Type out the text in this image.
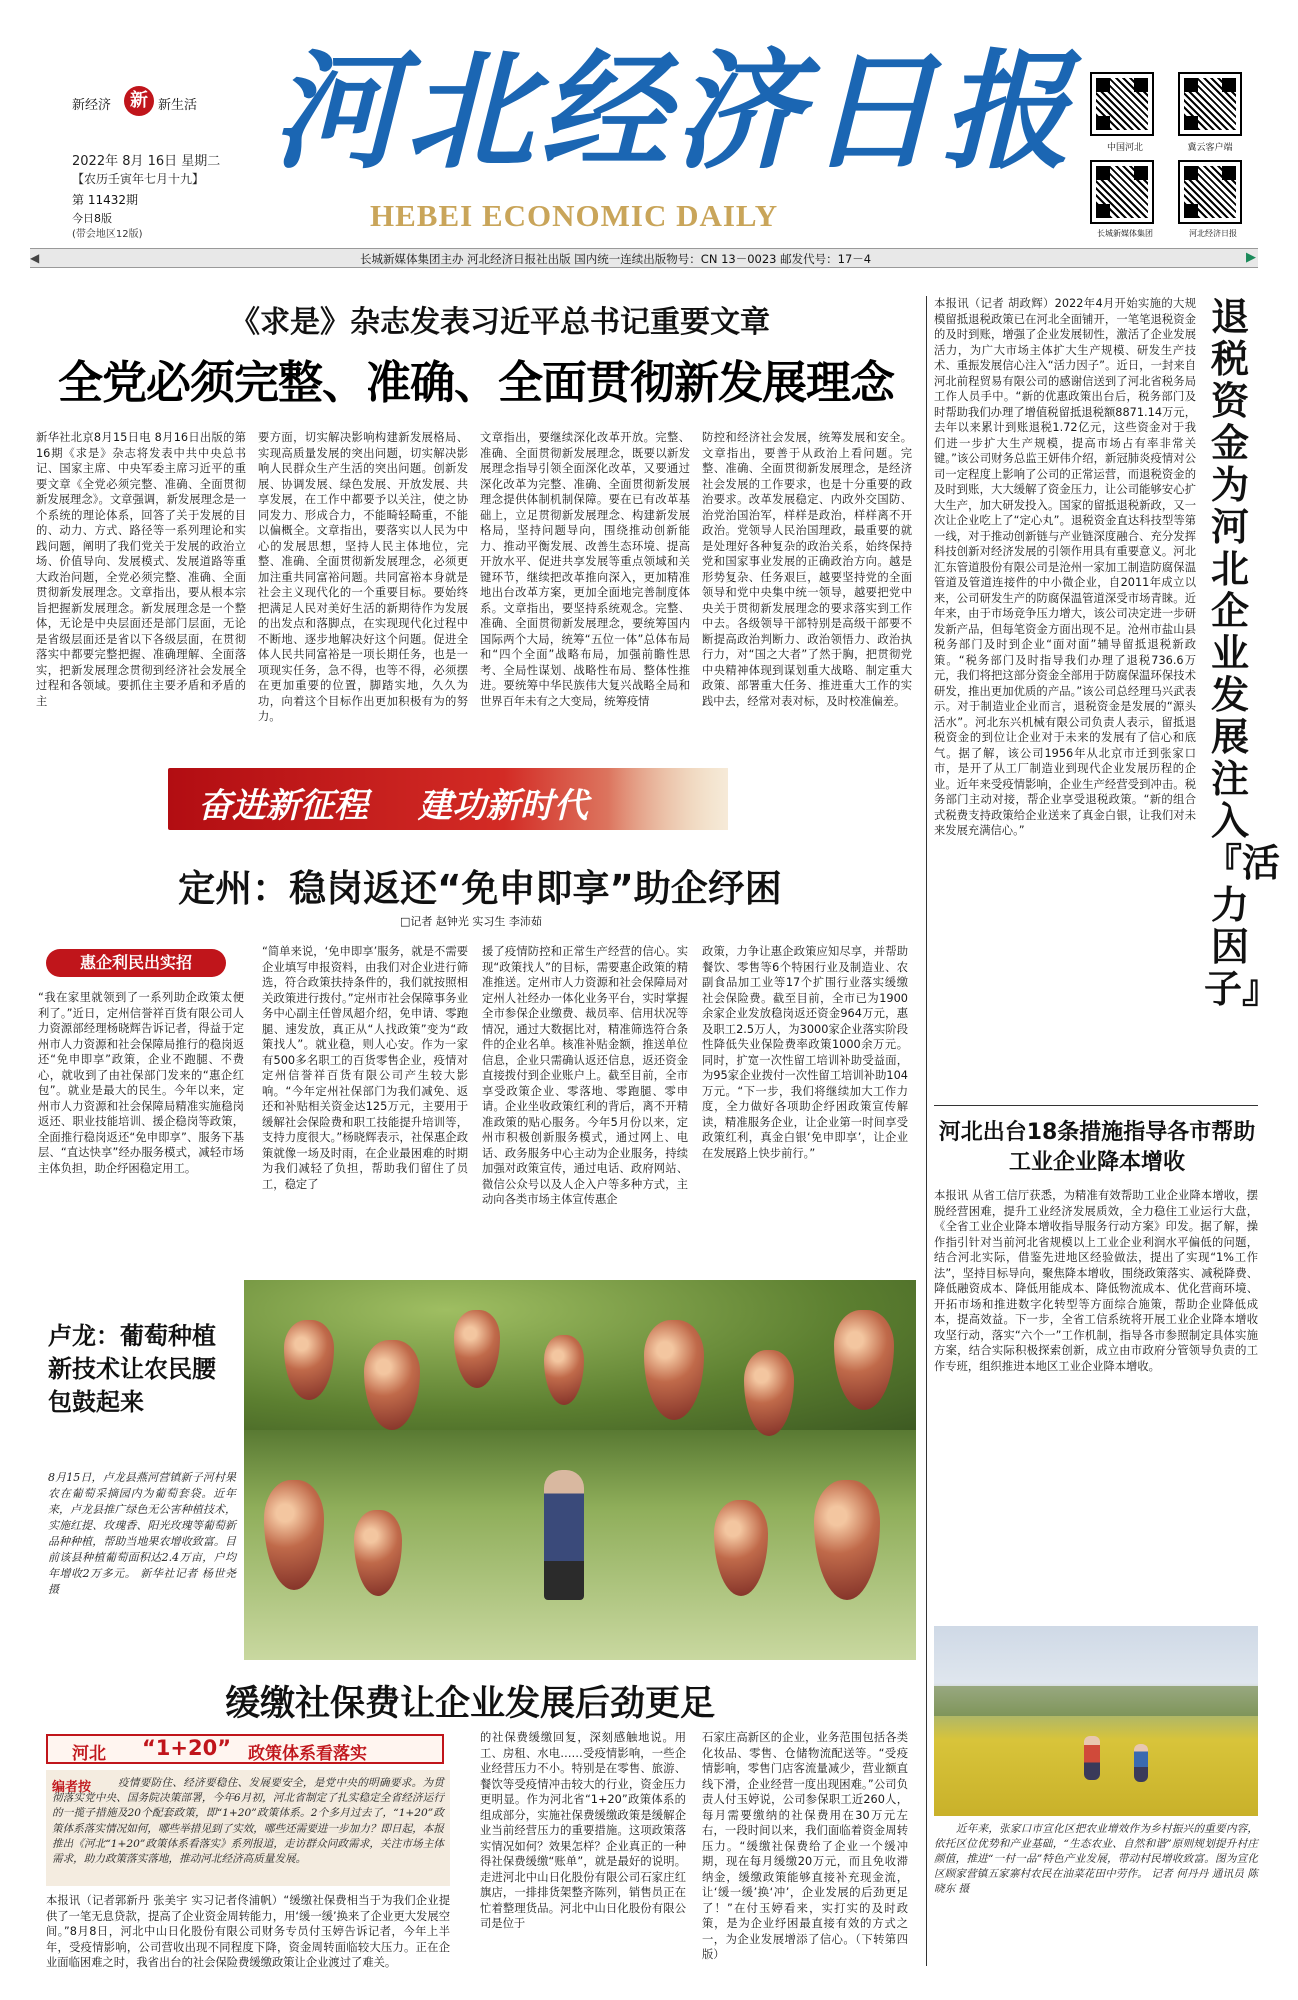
新经济	新 新生活
2022年 8月 16日 星期二
【农历壬寅年七月十九】
第 11432期
今日8版
(带会地区12版)
河北经济日报
HEBEI ECONOMIC DAILY
中国河北	冀云客户端
长城新媒体集团	河北经济日报
◀	长城新媒体集团主办 河北经济日报社出版 国内统一连续出版物号：CN 13－0023 邮发代号：17－4	▶
《求是》杂志发表习近平总书记重要文章
全党必须完整、准确、全面贯彻新发展理念
新华社北京8月15日电 8月16日出版的第16期《求是》杂志将发表中共中央总书记、国家主席、中央军委主席习近平的重要文章《全党必须完整、准确、全面贯彻新发展理念》。文章强调，新发展理念是一个系统的理论体系，回答了关于发展的目的、动力、方式、路径等一系列理论和实践问题，阐明了我们党关于发展的政治立场、价值导向、发展模式、发展道路等重大政治问题，全党必须完整、准确、全面贯彻新发展理念。文章指出，要从根本宗旨把握新发展理念。新发展理念是一个整体，无论是中央层面还是部门层面，无论是省级层面还是省以下各级层面，在贯彻落实中都要完整把握、准确理解、全面落实，把新发展理念贯彻到经济社会发展全过程和各领域。要抓住主要矛盾和矛盾的主
要方面，切实解决影响构建新发展格局、实现高质量发展的突出问题，切实解决影响人民群众生产生活的突出问题。创新发展、协调发展、绿色发展、开放发展、共享发展，在工作中都要予以关注，使之协同发力、形成合力，不能畸轻畸重，不能以偏概全。文章指出，要落实以人民为中心的发展思想，坚持人民主体地位，完整、准确、全面贯彻新发展理念，必须更加注重共同富裕问题。共同富裕本身就是社会主义现代化的一个重要目标。要始终把满足人民对美好生活的新期待作为发展的出发点和落脚点，在实现现代化过程中不断地、逐步地解决好这个问题。促进全体人民共同富裕是一项长期任务，也是一项现实任务，急不得，也等不得，必须摆在更加重要的位置，脚踏实地，久久为功，向着这个目标作出更加积极有为的努力。
文章指出，要继续深化改革开放。完整、准确、全面贯彻新发展理念，既要以新发展理念指导引领全面深化改革，又要通过深化改革为完整、准确、全面贯彻新发展理念提供体制机制保障。要在已有改革基础上，立足贯彻新发展理念、构建新发展格局，坚持问题导向，围绕推动创新能力、推动平衡发展、改善生态环境、提高开放水平、促进共享发展等重点领域和关键环节，继续把改革推向深入，更加精准地出台改革方案，更加全面地完善制度体系。文章指出，要坚持系统观念。完整、准确、全面贯彻新发展理念，要统筹国内国际两个大局，统筹“五位一体”总体布局和“四个全面”战略布局，加强前瞻性思考、全局性谋划、战略性布局、整体性推进。要统筹中华民族伟大复兴战略全局和世界百年未有之大变局，统筹疫情
防控和经济社会发展，统筹发展和安全。文章指出，要善于从政治上看问题。完整、准确、全面贯彻新发展理念，是经济社会发展的工作要求，也是十分重要的政治要求。改革发展稳定、内政外交国防、治党治国治军，样样是政治，样样离不开政治。党领导人民治国理政，最重要的就是处理好各种复杂的政治关系，始终保持党和国家事业发展的正确政治方向。越是形势复杂、任务艰巨，越要坚持党的全面领导和党中央集中统一领导，越要把党中央关于贯彻新发展理念的要求落实到工作中去。各级领导干部特别是高级干部要不断提高政治判断力、政治领悟力、政治执行力，对“国之大者”了然于胸，把贯彻党中央精神体现到谋划重大战略、制定重大政策、部署重大任务、推进重大工作的实践中去，经常对表对标，及时校准偏差。
奋进新征程 建功新时代
定州：稳岗返还“免申即享”助企纾困
□记者 赵钟光 实习生 李沛茹
惠企利民出实招
“我在家里就领到了一系列助企政策太便利了。”近日，定州信誉祥百货有限公司人力资源部经理杨晓辉告诉记者，得益于定州市人力资源和社会保障局推行的稳岗返还“免申即享”政策，企业不跑腿、不费心，就收到了由社保部门发来的“惠企红包”。就业是最大的民生。今年以来，定州市人力资源和社会保障局精准实施稳岗返还、职业技能培训、援企稳岗等政策，全面推行稳岗返还“免申即享”、服务下基层、“直达快享”经办服务模式，减轻市场主体负担，助企纾困稳定用工。
“简单来说，‘免申即享’服务，就是不需要企业填写申报资料，由我们对企业进行筛选，符合政策扶持条件的，我们就按照相关政策进行拨付。”定州市社会保障事务业务中心副主任曾凤超介绍，免申请、零跑腿、速发放，真正从“人找政策”变为“政策找人”。就业稳，则人心安。作为一家有500多名职工的百货零售企业，疫情对定州信誉祥百货有限公司产生较大影响。“今年定州社保部门为我们减免、返还和补贴相关资金达125万元，主要用于缓解社会保险费和职工技能提升培训等，支持力度很大。”杨晓辉表示，社保惠企政策就像一场及时雨，在企业最困难的时期为我们减轻了负担，帮助我们留住了员工，稳定了
援了疫情防控和正常生产经营的信心。实现“政策找人”的目标，需要惠企政策的精准推送。定州市人力资源和社会保障局对定州人社经办一体化业务平台，实时掌握全市参保企业缴费、裁员率、信用状况等情况，通过大数据比对，精准筛选符合条件的企业名单。核准补贴金额，推送单位信息，企业只需确认返还信息，返还资金直接拨付到企业账户上。截至目前，全市享受政策企业、零落地、零跑腿、零申请。企业坐收政策红利的背后，离不开精准政策的贴心服务。今年5月份以来，定州市积极创新服务模式，通过网上、电话、政务服务中心主动为企业服务，持续加强对政策宣传，通过电话、政府网站、微信公众号以及人企入户等多种方式，主动向各类市场主体宣传惠企
政策，力争让惠企政策应知尽享，并帮助餐饮、零售等6个特困行业及制造业、农副食品加工业等17个扩围行业落实缓缴社会保险费。截至目前，全市已为1900余家企业发放稳岗返还资金964万元，惠及职工2.5万人，为3000家企业落实阶段性降低失业保险费率政策1000余万元。同时，扩宽一次性留工培训补助受益面，为95家企业拨付一次性留工培训补助104万元。“下一步，我们将继续加大工作力度，全力做好各项助企纾困政策宣传解读，精准服务企业，让企业第一时间享受政策红利，真金白银‘免申即享’，让企业在发展路上快步前行。”
卢龙：葡萄种植新技术让农民腰包鼓起来
8月15日，卢龙县燕河营镇新子河村果农在葡萄采摘园内为葡萄套袋。近年来，卢龙县推广绿色无公害种植技术，实施红提、玫瑰香、阳光玫瑰等葡萄新品种种植，帮助当地果农增收致富。目前该县种植葡萄面积达2.4万亩，户均年增收2万多元。 新华社记者 杨世尧 摄
缓缴社保费让企业发展后劲更足
河北 “1+20” 政策体系看落实
编者按	疫情要防住、经济要稳住、发展要安全，是党中央的明确要求。为贯彻落实党中央、国务院决策部署，今年6月初，河北省制定了扎实稳定全省经济运行的一揽子措施及20个配套政策，即“1+20”政策体系。2个多月过去了，“1+20”政策体系落实情况如何，哪些举措见到了实效，哪些还需要进一步加力？即日起，本报推出《河北“1+20”政策体系看落实》系列报道，走访群众问政需求，关注市场主体需求，助力政策落实落地，推动河北经济高质量发展。
本报讯（记者郭新丹 张美宇 实习记者佟浦帆）“缓缴社保费相当于为我们企业提供了一笔无息贷款，提高了企业资金周转能力，用‘缓一缓’换来了企业更大发展空间。”8月8日，河北中山日化股份有限公司财务专员付玉婷告诉记者，今年上半年，受疫情影响，公司营收出现不同程度下降，资金周转面临较大压力。正在企业面临困难之时，我省出台的社会保险费缓缴政策让企业渡过了难关。
的社保费缓缴回复，深刻感触地说。用工、房租、水电……受疫情影响，一些企业经营压力不小。特别是在零售、旅游、餐饮等受疫情冲击较大的行业，资金压力更明显。作为河北省“1+20”政策体系的组成部分，实施社保费缓缴政策是缓解企业当前经营压力的重要措施。这项政策落实情况如何？效果怎样？企业真正的一种得社保费缓缴“账单”，就是最好的说明。走进河北中山日化股份有限公司石家庄红旗店，一排排货架整齐陈列，销售员正在忙着整理货品。河北中山日化股份有限公司是位于
石家庄高新区的企业，业务范围包括各类化妆品、零售、仓储物流配送等。“受疫情影响，零售门店客流量减少，营业额直线下滑，企业经营一度出现困难。”公司负责人付玉婷说，公司参保职工近260人，每月需要缴纳的社保费用在30万元左右，一段时间以来，我们面临着资金周转压力。“缓缴社保费给了企业一个缓冲期，现在每月缓缴20万元，而且免收滞纳金，缓缴政策能够直接补充现金流，让‘缓一缓’换‘冲’，企业发展的后劲更足了！”在付玉婷看来，实打实的及时政策，是为企业纾困最直接有效的方式之一，为企业发展增添了信心。（下转第四版）
本报讯（记者 胡政辉）2022年4月开始实施的大规模留抵退税政策已在河北全面铺开，一笔笔退税资金的及时到账，增强了企业发展韧性，激活了企业发展活力，为广大市场主体扩大生产规模、研发生产技术、重振发展信心注入“活力因子”。近日，一封来自河北前程贸易有限公司的感谢信送到了河北省税务局工作人员手中。“新的优惠政策出台后，税务部门及时帮助我们办理了增值税留抵退税额8871.14万元，去年以来累计到账退税1.72亿元，这些资金对于我们进一步扩大生产规模，提高市场占有率非常关键。”该公司财务总监王妍伟介绍，新冠肺炎疫情对公司一定程度上影响了公司的正常运营，而退税资金的及时到账，大大缓解了资金压力，让公司能够安心扩大生产，加大研发投入。国家的留抵退税新政，又一次让企业吃上了“定心丸”。退税资金直达科技型等第一线，对于推动创新链与产业链深度融合、充分发挥科技创新对经济发展的引领作用具有重要意义。河北汇东管道股份有限公司是沧州一家加工制造防腐保温管道及管道连接件的中小微企业，自2011年成立以来，公司研发生产的防腐保温管道深受市场青睐。近年来，由于市场竞争压力增大，该公司决定进一步研发新产品，但每笔资金方面出现不足。沧州市盐山县税务部门及时到企业“面对面”辅导留抵退税新政策。“税务部门及时指导我们办理了退税736.6万元，我们将把这部分资金全部用于防腐保温环保技术研发，推出更加优质的产品。”该公司总经理马兴武表示。对于制造业企业而言，退税资金是发展的“源头活水”。河北东兴机械有限公司负责人表示，留抵退税资金的到位让企业对于未来的发展有了信心和底气。据了解，该公司1956年从北京市迁到张家口市，是开了从工厂制造业到现代企业发展历程的企业。近年来受疫情影响，企业生产经营受到冲击。税务部门主动对接，帮企业享受退税政策。“新的组合式税费支持政策给企业送来了真金白银，让我们对未来发展充满信心。”
退税资金为河北企业发展注入『活力因子』
河北出台18条措施指导各市帮助工业企业降本增收
本报讯 从省工信厅获悉，为精准有效帮助工业企业降本增收，摆脱经营困难，提升工业经济发展质效，全力稳住工业运行大盘，《全省工业企业降本增收指导服务行动方案》印发。据了解，操作指引针对当前河北省规模以上工业企业利润水平偏低的问题，结合河北实际，借鉴先进地区经验做法，提出了实现“1%工作法”，坚持目标导向，聚焦降本增收，围绕政策落实、减税降费、降低融资成本、降低用能成本、降低物流成本、优化营商环境、开拓市场和推进数字化转型等方面综合施策，帮助企业降低成本，提高效益。下一步，全省工信系统将开展工业企业降本增收攻坚行动，落实“六个一”工作机制，指导各市参照制定具体实施方案，结合实际积极探索创新，成立由市政府分管领导负责的工作专班，组织推进本地区工业企业降本增收。
近年来，张家口市宣化区把农业增效作为乡村振兴的重要内容，依托区位优势和产业基础，“生态农业、自然和谐”原则规划提升村庄颜值，推进“一村一品”特色产业发展，带动村民增收致富。图为宣化区顾家营镇五家寨村农民在油菜花田中劳作。 记者 何丹丹 通讯员 陈晓东 摄
